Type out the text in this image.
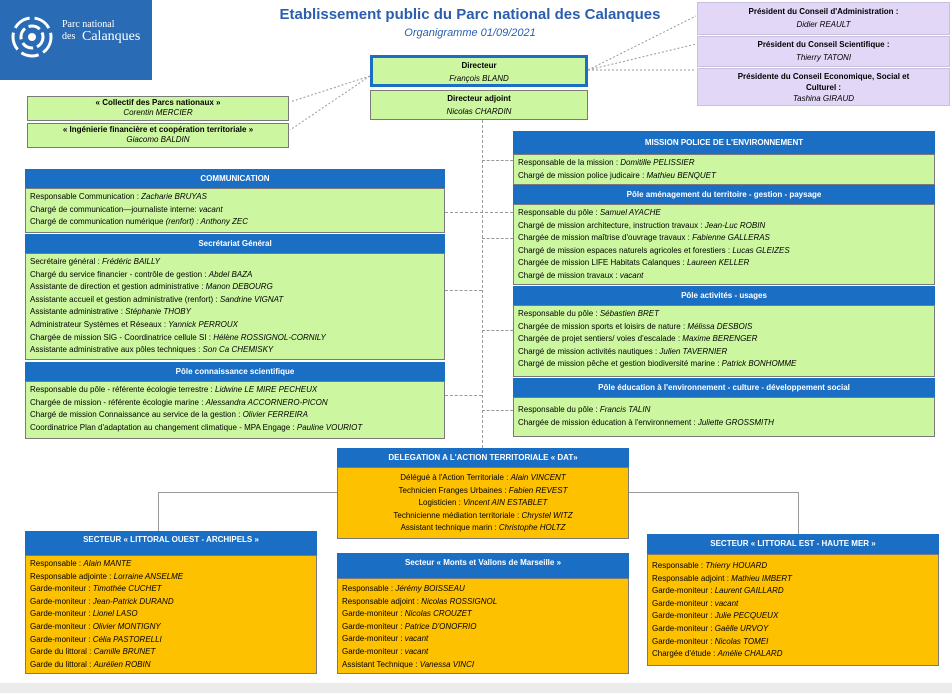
Parc national
des Calanques
Etablissement public du Parc national des Calanques
Organigramme 01/09/2021
Président du Conseil d'Administration :
Didier REAULT
Président du Conseil Scientifique :
Thierry TATONI
Présidente du Conseil Economique, Social et Culturel :
Tashina GIRAUD
Directeur
François BLAND
Directeur adjoint
Nicolas CHARDIN
« Collectif des Parcs nationaux »
Corentin MERCIER
« Ingénierie financière et coopération territoriale »
Giacomo BALDIN
COMMUNICATION
Responsable Communication : Zacharie BRUYAS
Chargé de communication—journaliste interne: vacant
Chargé de communication numérique (renfort) : Anthony ZEC
Secrétariat Général
Secrétaire général : Frédéric BAILLY
Chargé du service financier - contrôle de gestion : Abdel BAZA
Assistante de direction et gestion administrative : Manon DEBOURG
Assistante accueil et gestion administrative (renfort) : Sandrine VIGNAT
Assistante administrative : Stéphanie THOBY
Administrateur Systèmes et Réseaux : Yannick PERROUX
Chargée de mission SIG - Coordinatrice cellule SI : Hélène ROSSIGNOL-CORNILY
Assistante administrative aux pôles techniques : Son Ca CHEMISKY
Pôle connaissance scientifique
Responsable du pôle - référente écologie terrestre : Lidwine LE MIRE PECHEUX
Chargée de mission - référente écologie marine : Alessandra ACCORNERO-PICON
Chargé de mission Connaissance au service de la gestion : Olivier FERREIRA
Coordinatrice Plan d'adaptation au changement climatique - MPA Engage : Pauline VOURIOT
MISSION POLICE DE L'ENVIRONNEMENT
Responsable de la mission : Domitille PELISSIER
Chargé de mission police judicaire : Mathieu BENQUET
Pôle aménagement du territoire - gestion - paysage
Responsable du pôle : Samuel AYACHE
Chargé de mission architecture, instruction travaux : Jean-Luc ROBIN
Chargée de mission maîtrise d'ouvrage travaux : Fabienne GALLERAS
Chargé de mission espaces naturels agricoles et forestiers : Lucas GLEIZES
Chargée de mission LIFE Habitats Calanques : Laureen KELLER
Chargé de mission travaux : vacant
Pôle activités - usages
Responsable du pôle : Sébastien BRET
Chargée de mission sports et loisirs de nature : Mélissa DESBOIS
Chargée de projet sentiers/ voies d'escalade : Maxime BERENGER
Chargé de mission activités nautiques : Julien TAVERNIER
Chargé de mission pêche et gestion biodiversité marine : Patrick BONHOMME
Pôle éducation à l'environnement - culture - développement social
Responsable du pôle : Francis TALIN
Chargée de mission éducation à l'environnement : Juliette GROSSMITH
DELEGATION A L'ACTION TERRITORIALE « DAT»
Délégué à l'Action Territoriale : Alain VINCENT
Technicien Franges Urbaines : Fabien REVEST
Logisticien : Vincent AIN ESTABLET
Technicienne médiation territoriale : Chrystel WITZ
Assistant technique marin : Christophe HOLTZ
SECTEUR « LITTORAL OUEST - ARCHIPELS »
Responsable : Alain MANTE
Responsable adjointe : Lorraine ANSELME
Garde-moniteur : Timothée CUCHET
Garde-moniteur : Jean-Patrick DURAND
Garde-moniteur : Lionel LASO
Garde-moniteur : Olivier MONTIGNY
Garde-moniteur : Célia PASTORELLI
Garde du littoral : Camille BRUNET
Garde du littoral : Aurélien ROBIN
Secteur « Monts et Vallons de Marseille »
Responsable : Jérémy BOISSEAU
Responsable adjoint : Nicolas ROSSIGNOL
Garde-moniteur : Nicolas CROUZET
Garde-moniteur : Patrice D'ONOFRIO
Garde-moniteur : vacant
Garde-moniteur : vacant
Assistant Technique : Vanessa VINCI
SECTEUR « LITTORAL EST - HAUTE MER »
Responsable : Thierry HOUARD
Responsable adjoint : Mathieu IMBERT
Garde-moniteur : Laurent GAILLARD
Garde-moniteur : vacant
Garde-moniteur : Julie PECQUEUX
Garde-moniteur : Gaëlle URVOY
Garde-moniteur : Nicolas TOMEI
Chargée d'étude : Amélie CHALARD
